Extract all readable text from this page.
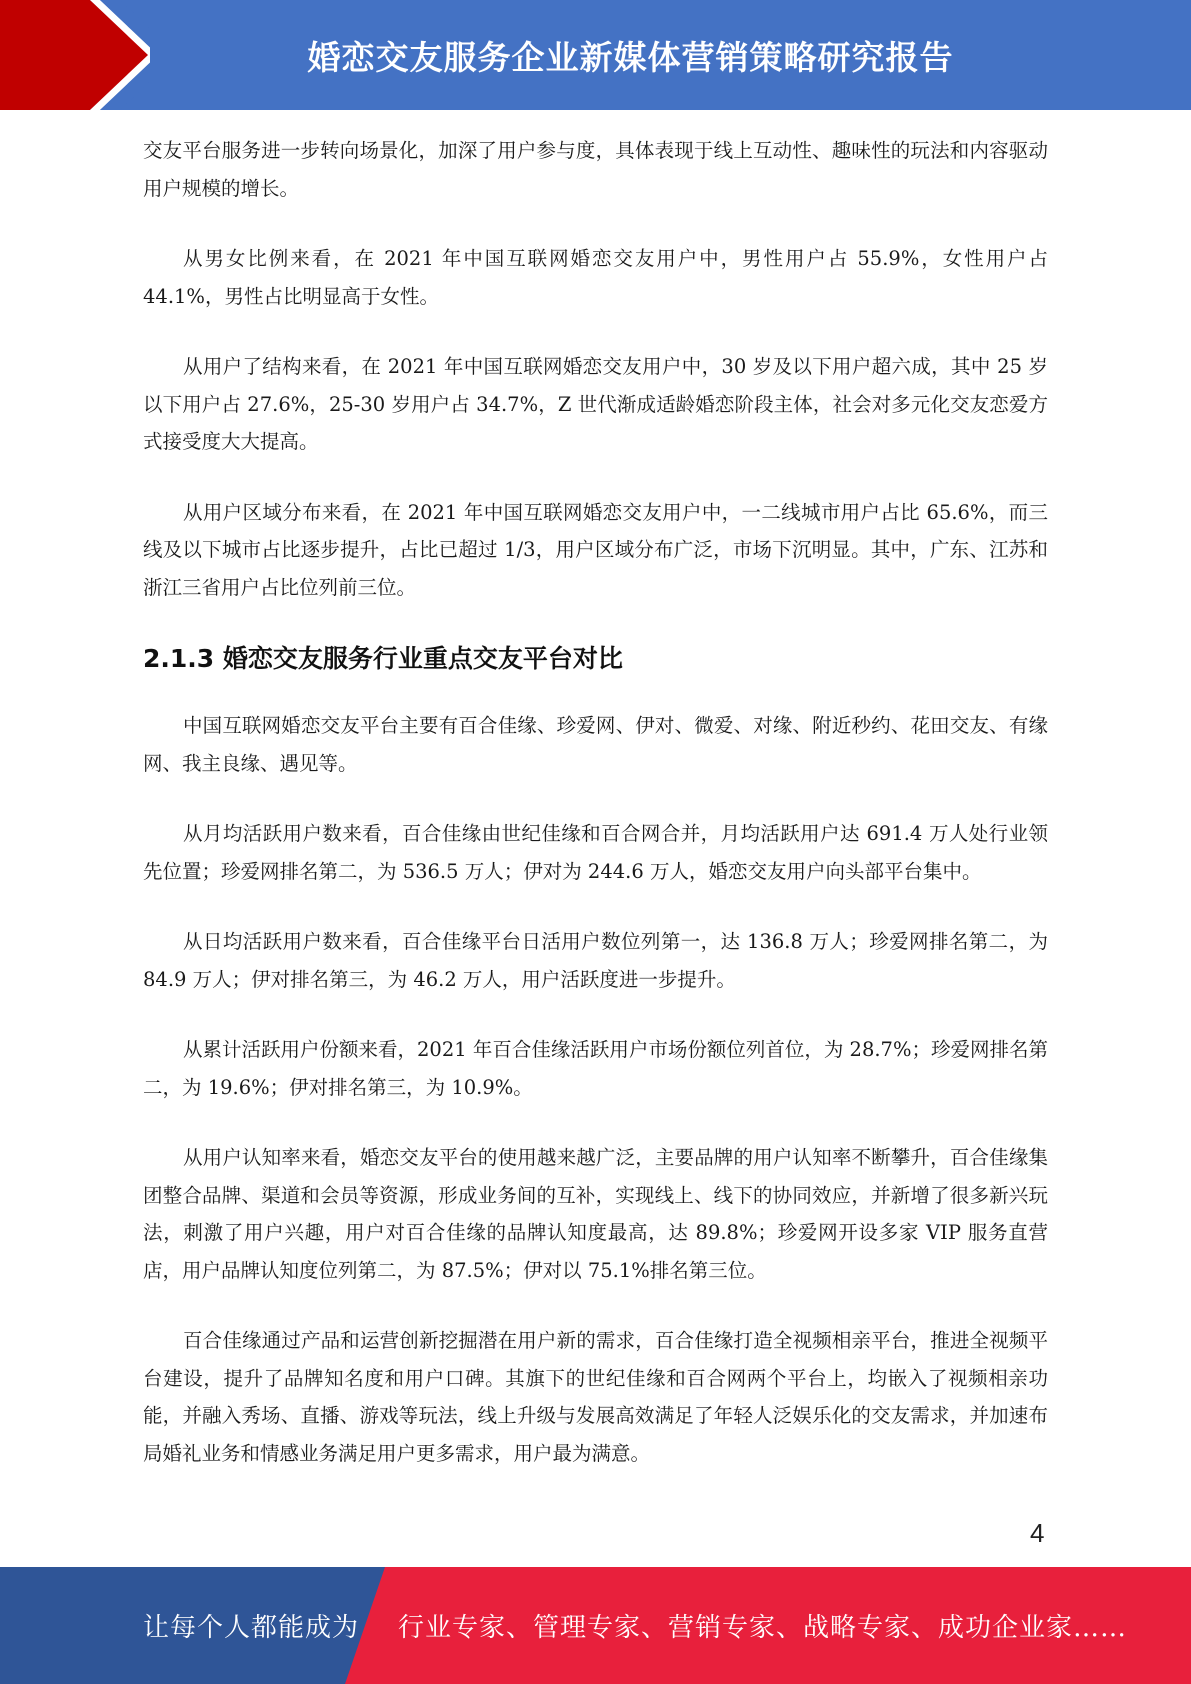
婚恋交友服务企业新媒体营销策略研究报告

交友平台服务进一步转向场景化，加深了用户参与度，具体表现于线上互动性、趣味性的玩法和内容驱动用户规模的增长。

从男女比例来看，在 2021 年中国互联网婚恋交友用户中，男性用户占 55.9%，女性用户占 44.1%，男性占比明显高于女性。

从用户了结构来看，在 2021 年中国互联网婚恋交友用户中，30 岁及以下用户超六成，其中 25 岁以下用户占 27.6%，25-30 岁用户占 34.7%，Z 世代渐成适龄婚恋阶段主体，社会对多元化交友恋爱方式接受度大大提高。

从用户区域分布来看，在 2021 年中国互联网婚恋交友用户中，一二线城市用户占比 65.6%，而三线及以下城市占比逐步提升，占比已超过 1/3，用户区域分布广泛，市场下沉明显。其中，广东、江苏和浙江三省用户占比位列前三位。

2.1.3 婚恋交友服务行业重点交友平台对比

中国互联网婚恋交友平台主要有百合佳缘、珍爱网、伊对、微爱、对缘、附近秒约、花田交友、有缘网、我主良缘、遇见等。

从月均活跃用户数来看，百合佳缘由世纪佳缘和百合网合并，月均活跃用户达 691.4 万人处行业领先位置；珍爱网排名第二，为 536.5 万人；伊对为 244.6 万人，婚恋交友用户向头部平台集中。

从日均活跃用户数来看，百合佳缘平台日活用户数位列第一，达 136.8 万人；珍爱网排名第二，为 84.9 万人；伊对排名第三，为 46.2 万人，用户活跃度进一步提升。

从累计活跃用户份额来看，2021 年百合佳缘活跃用户市场份额位列首位，为 28.7%；珍爱网排名第二，为 19.6%；伊对排名第三，为 10.9%。

从用户认知率来看，婚恋交友平台的使用越来越广泛，主要品牌的用户认知率不断攀升，百合佳缘集团整合品牌、渠道和会员等资源，形成业务间的互补，实现线上、线下的协同效应，并新增了很多新兴玩法，刺激了用户兴趣，用户对百合佳缘的品牌认知度最高，达 89.8%；珍爱网开设多家 VIP 服务直营店，用户品牌认知度位列第二，为 87.5%；伊对以 75.1%排名第三位。

百合佳缘通过产品和运营创新挖掘潜在用户新的需求，百合佳缘打造全视频相亲平台，推进全视频平台建设，提升了品牌知名度和用户口碑。其旗下的世纪佳缘和百合网两个平台上，均嵌入了视频相亲功能，并融入秀场、直播、游戏等玩法，线上升级与发展高效满足了年轻人泛娱乐化的交友需求，并加速布局婚礼业务和情感业务满足用户更多需求，用户最为满意。

4
让每个人都能成为 行业专家、管理专家、营销专家、战略专家、成功企业家……
